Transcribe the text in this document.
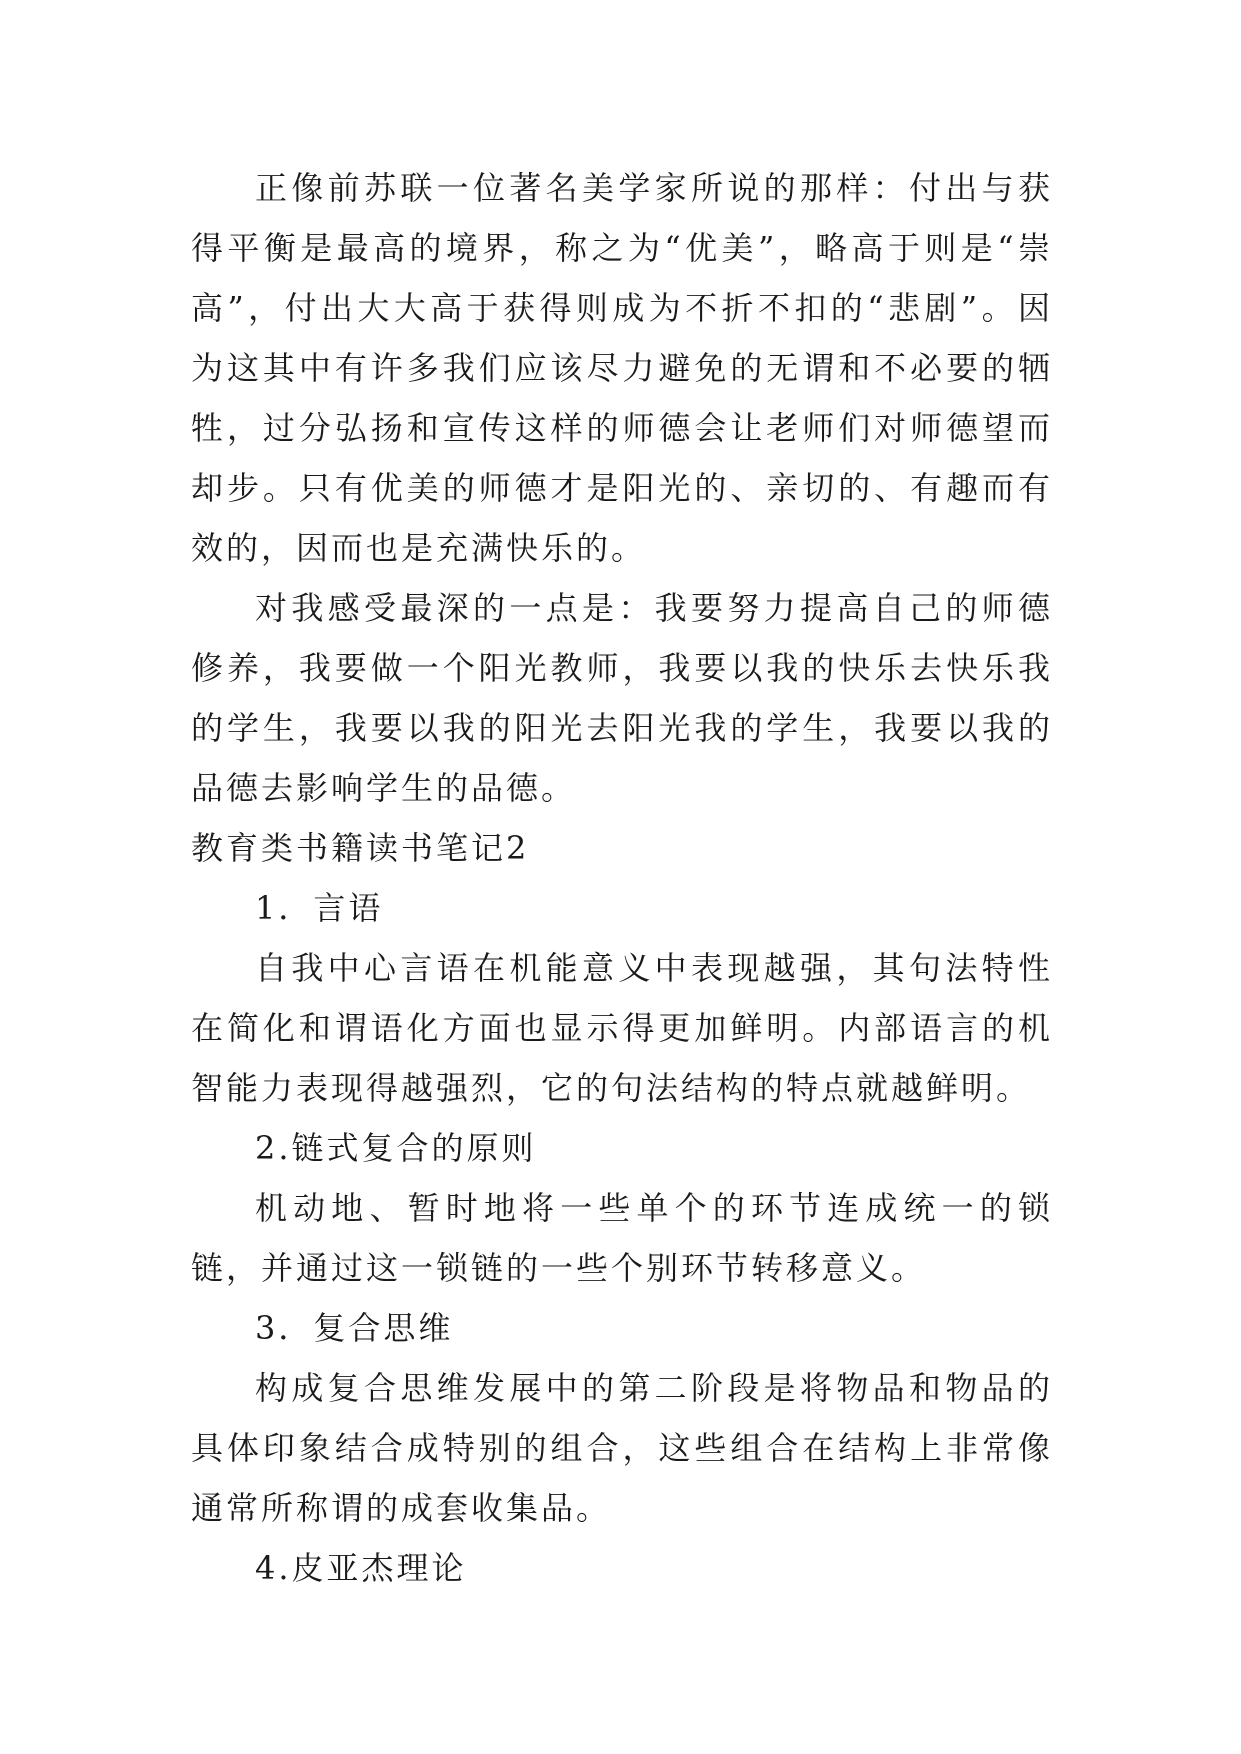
正像前苏联一位著名美学家所说的那样：付出与获得平衡是最高的境界，称之为“优美”，略高于则是“崇高”，付出大大高于获得则成为不折不扣的“悲剧”。因为这其中有许多我们应该尽力避免的无谓和不必要的牺牲，过分弘扬和宣传这样的师德会让老师们对师德望而却步。只有优美的师德才是阳光的、亲切的、有趣而有效的，因而也是充满快乐的。

对我感受最深的一点是：我要努力提高自己的师德修养，我要做一个阳光教师，我要以我的快乐去快乐我的学生，我要以我的阳光去阳光我的学生，我要以我的品德去影响学生的品德。

教育类书籍读书笔记2

1．言语

自我中心言语在机能意义中表现越强，其句法特性在简化和谓语化方面也显示得更加鲜明。内部语言的机智能力表现得越强烈，它的句法结构的特点就越鲜明。

2.链式复合的原则

机动地、暂时地将一些单个的环节连成统一的锁链，并通过这一锁链的一些个别环节转移意义。

3．复合思维

构成复合思维发展中的第二阶段是将物品和物品的具体印象结合成特别的组合，这些组合在结构上非常像通常所称谓的成套收集品。

4.皮亚杰理论
